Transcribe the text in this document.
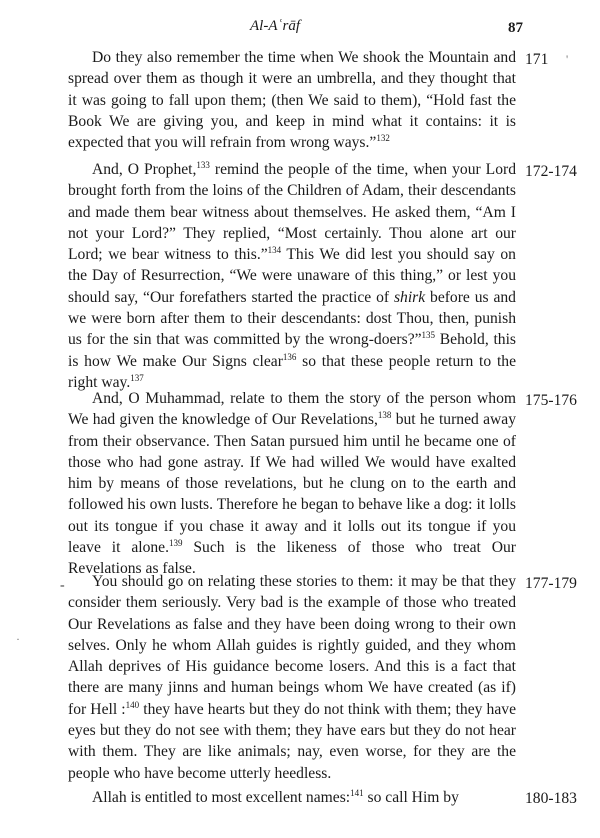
Al-Aʿrāf	87
'
-
·

Do they also remember the time when We shook the Mountain and spread over them as though it were an umbrella, and they thought that it was going to fall upon them; (then We said to them), “Hold fast the Book We are giving you, and keep in mind what it contains: it is expected that you will refrain from wrong ways.”$^{132}$

171

And, O Prophet,$^{133}$ remind the people of the time, when your Lord brought forth from the loins of the Children of Adam, their descendants and made them bear witness about themselves. He asked them, “Am I not your Lord?” They replied, “Most certainly. Thou alone art our Lord; we bear witness to this.”$^{134}$ This We did lest you should say on the Day of Resurrection, “We were unaware of this thing,” or lest you should say, “Our forefathers started the practice of shirk before us and we were born after them to their descendants: dost Thou, then, punish us for the sin that was committed by the wrong-doers?”$^{135}$ Behold, this is how We make Our Signs clear$^{136}$ so that these people return to the right way.$^{137}$

172-174

And, O Muhammad, relate to them the story of the person whom We had given the knowledge of Our Revelations,$^{138}$ but he turned away from their observance. Then Satan pursued him until he became one of those who had gone astray. If We had willed We would have exalted him by means of those revelations, but he clung on to the earth and followed his own lusts. Therefore he began to behave like a dog: it lolls out its tongue if you chase it away and it lolls out its tongue if you leave it alone.$^{139}$ Such is the likeness of those who treat Our Revelations as false.

175-176

You should go on relating these stories to them: it may be that they consider them seriously. Very bad is the example of those who treated Our Revelations as false and they have been doing wrong to their own selves. Only he whom Allah guides is rightly guided, and they whom Allah deprives of His guidance become losers. And this is a fact that there are many jinns and human beings whom We have created (as if) for Hell :$^{140}$ they have hearts but they do not think with them; they have eyes but they do not see with them; they have ears but they do not hear with them. They are like animals; nay, even worse, for they are the people who have become utterly heedless.

177-179

Allah is entitled to most excellent names:$^{141}$ so call Him by	180-183
